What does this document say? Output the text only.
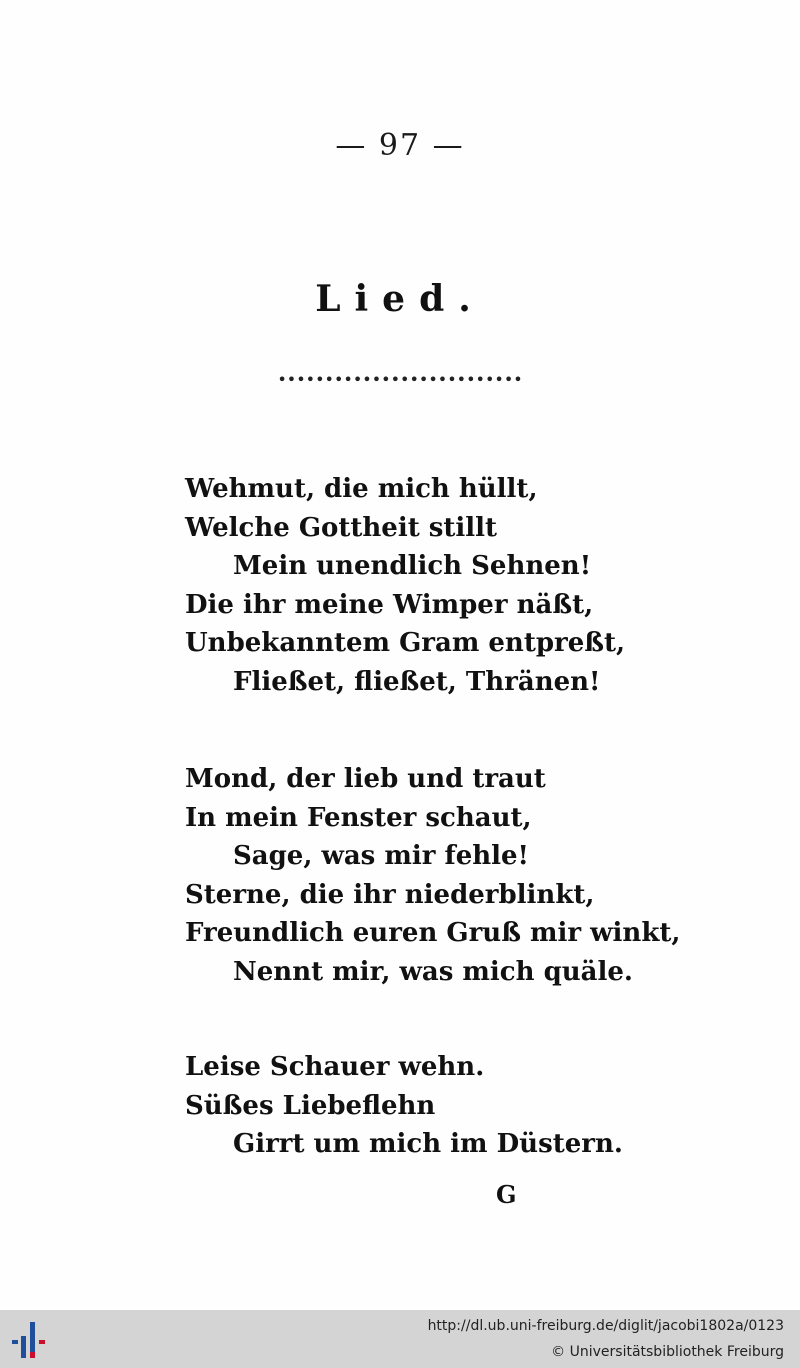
— 97 —
Lied.
••••••••••••••••••••••••••
Wehmut, die mich hüllt,
Welche Gottheit stillt
Mein unendlich Sehnen!
Die ihr meine Wimper näßt,
Unbekanntem Gram entpreßt,
Fließet, fließet, Thränen!
Mond, der lieb und traut
In mein Fenster schaut,
Sage, was mir fehle!
Sterne, die ihr niederblinkt,
Freundlich euren Gruß mir winkt,
Nennt mir, was mich quäle.
Leise Schauer wehn.
Süßes Liebeflehn
Girrt um mich im Düstern.
G
http://dl.ub.uni-freiburg.de/diglit/jacobi1802a/0123
© Universitätsbibliothek Freiburg
